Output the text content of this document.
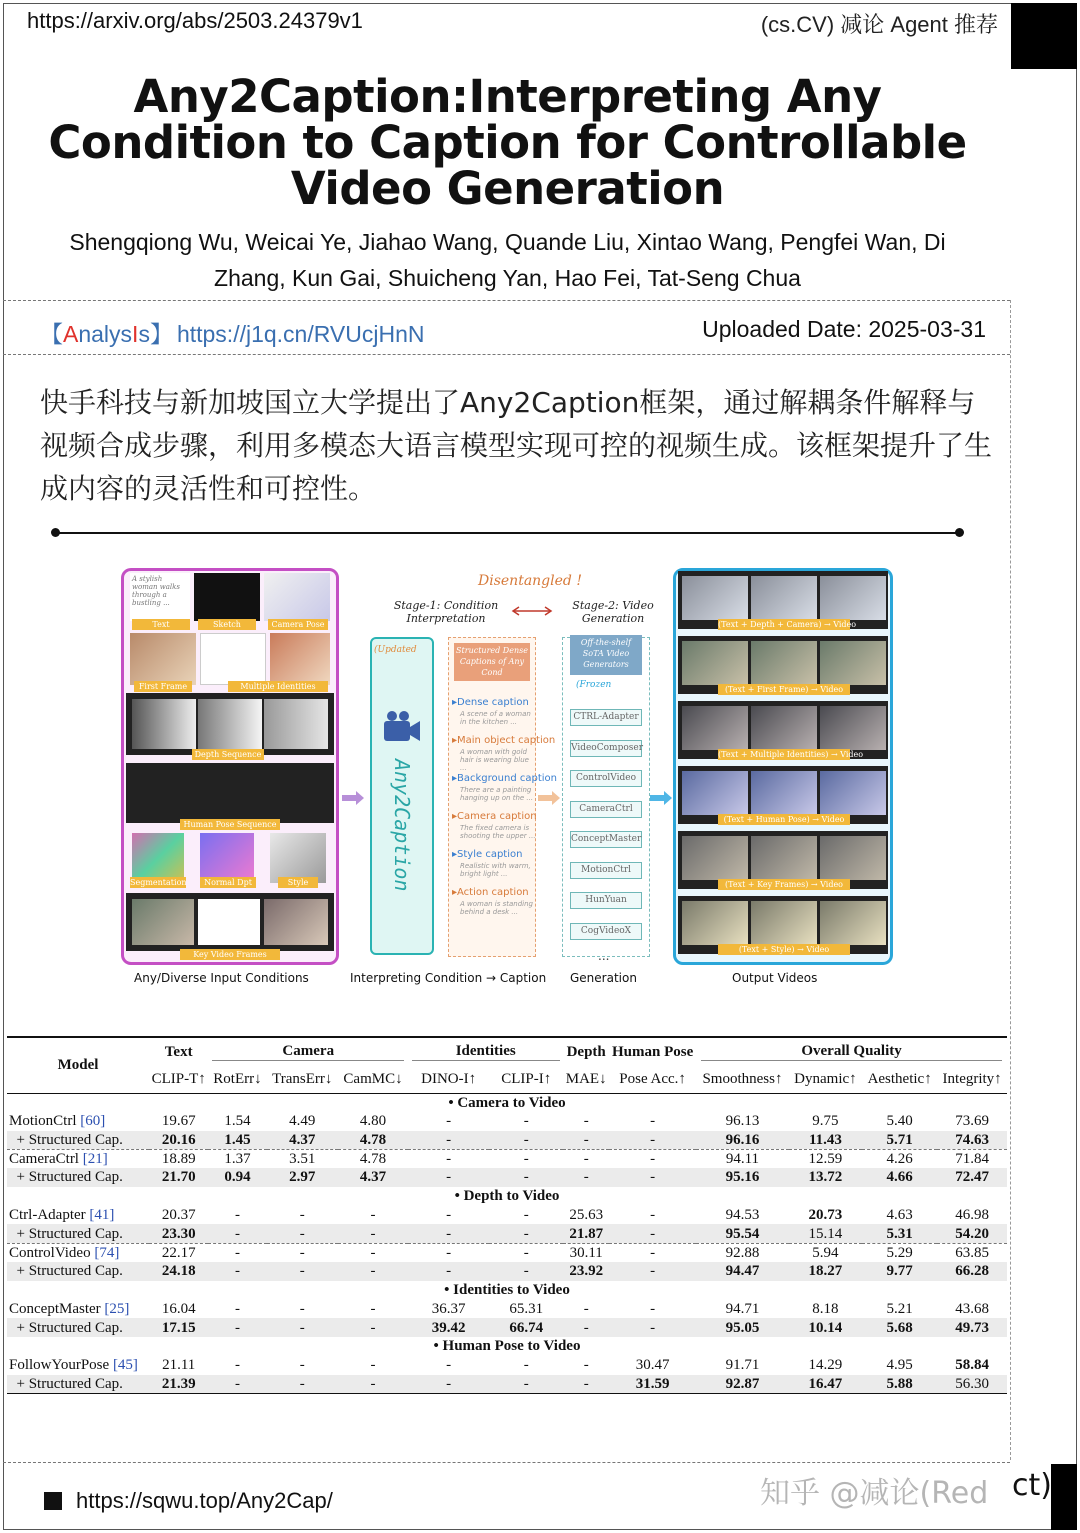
https://arxiv.org/abs/2503.24379v1	(cs.CV) 减论 Agent 推荐
Any2Caption:Interpreting Any Condition to Caption for Controllable Video Generation
Shengqiong Wu, Weicai Ye, Jiahao Wang, Quande Liu, Xintao Wang, Pengfei Wan, Di Zhang, Kun Gai, Shuicheng Yan, Hao Fei, Tat-Seng Chua
【AnalysIs】 https://j1q.cn/RVUcjHnN	Uploaded Date: 2025-03-31
快手科技与新加坡国立大学提出了Any2Caption框架，通过解耦条件解释与视频合成步骤，利用多模态大语言模型实现可控的视频生成。该框架提升了生成内容的灵活性和可控性。
A stylish woman walks through a bustling ...
Text	Sketch	Camera Pose
First Frame	Multiple Identities
Depth Sequence
Human Pose Sequence
Segmentation	Normal Dpt	Style
Key Video Frames
Disentangled !
Stage-1: Condition Interpretation
Stage-2: Video Generation
(Updated
Any2Caption
Structured Dense Captions of Any Cond
▸Dense caption
A scene of a woman in the kitchen ...
▸Main object caption
A woman with gold hair is wearing blue ...
▸Background caption
There are a painting hanging up on the ...
▸Camera caption
The fixed camera is shooting the upper ...
▸Style caption
Realistic with warm, bright light ...
▸Action caption
A woman is standing behind a desk ...
Off-the-shelf SoTA Video Generators
(Frozen
CTRL-Adapter
VideoComposer
ControlVideo
CameraCtrl
ConceptMaster
MotionCtrl
HunYuan
CogVideoX
...
(Text + Depth + Camera) → Video
(Text + First Frame) → Video
(Text + Multiple Identities) → Video
(Text + Human Pose) → Video
(Text + Key Frames) → Video
(Text + Style) → Video
Any/Diverse Input Conditions	Interpreting Condition → Caption Generation	Output Videos
Model	Text	Camera			Identities		Depth	Human Pose	Overall Quality			
	CLIP-T↑	RotErr↓	TransErr↓	CamMC↓	DINO-I↑	CLIP-I↑	MAE↓	Pose Acc.↑	Smoothness↑	Dynamic↑	Aesthetic↑	Integrity↑
• Camera to Video												
MotionCtrl [60]	19.67	1.54	4.49	4.80	-	-	-	-	96.13	9.75	5.40	73.69
+ Structured Cap.	20.16	1.45	4.37	4.78	-	-	-	-	96.16	11.43	5.71	74.63
CameraCtrl [21]	18.89	1.37	3.51	4.78	-	-	-	-	94.11	12.59	4.26	71.84
+ Structured Cap.	21.70	0.94	2.97	4.37	-	-	-	-	95.16	13.72	4.66	72.47
• Depth to Video												
Ctrl-Adapter [41]	20.37	-	-	-	-	-	25.63	-	94.53	20.73	4.63	46.98
+ Structured Cap.	23.30	-	-	-	-	-	21.87	-	95.54	15.14	5.31	54.20
ControlVideo [74]	22.17	-	-	-	-	-	30.11	-	92.88	5.94	5.29	63.85
+ Structured Cap.	24.18	-	-	-	-	-	23.92	-	94.47	18.27	9.77	66.28
• Identities to Video												
ConceptMaster [25]	16.04	-	-	-	36.37	65.31	-	-	94.71	8.18	5.21	43.68
+ Structured Cap.	17.15	-	-	-	39.42	66.74	-	-	95.05	10.14	5.68	49.73
• Human Pose to Video												
FollowYourPose [45]	21.11	-	-	-	-	-	-	30.47	91.71	14.29	4.95	58.84
+ Structured Cap.	21.39	-	-	-	-	-	-	31.59	92.87	16.47	5.88	56.30
https://sqwu.top/Any2Cap/	知乎 @减论(Red ct)
